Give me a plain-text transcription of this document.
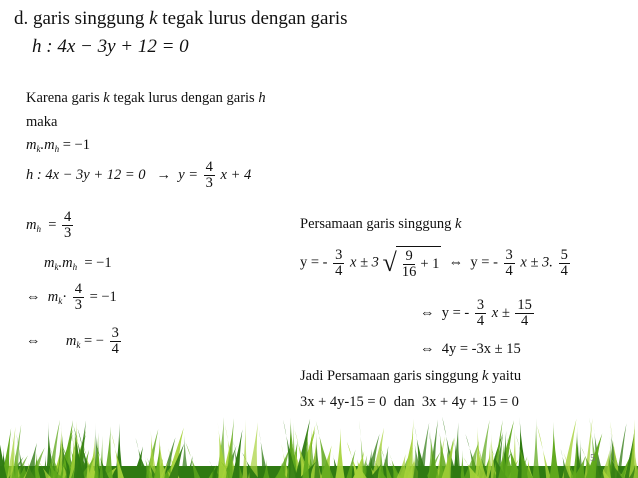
d. garis singgung k tegak lurus dengan garis
h : 4x − 3y + 12 = 0
Karena garis k tegak lurus dengan garis h
maka
$m_k.m_h = -1$
h : $4x - 3y + 12 = 0 \to y = \frac{4}{3}$ x + 4
$m_h = \frac{4}{3}$
$m_k.m_h = -1$
⇔ $m_k\cdot \frac{4}{3} = -1$
⇔ $m_k$ = − $\frac{3}{4}$
Persamaan garis singgung k
y = - $\frac{3}{4}$ x ± 3 √ $\frac{9}{16} + 1$ ⇔ y = - $\frac{3}{4}$ x ± 3. $\frac{5}{4}$
⇔ y = - $\frac{3}{4}$ $x \pm \frac{15}{4}$
⇔ 4y = -3x ± 15
Jadi Persamaan garis singgung k yaitu
3x + 4y-15 = 0 dan 3x + 4y + 15 = 0
5
